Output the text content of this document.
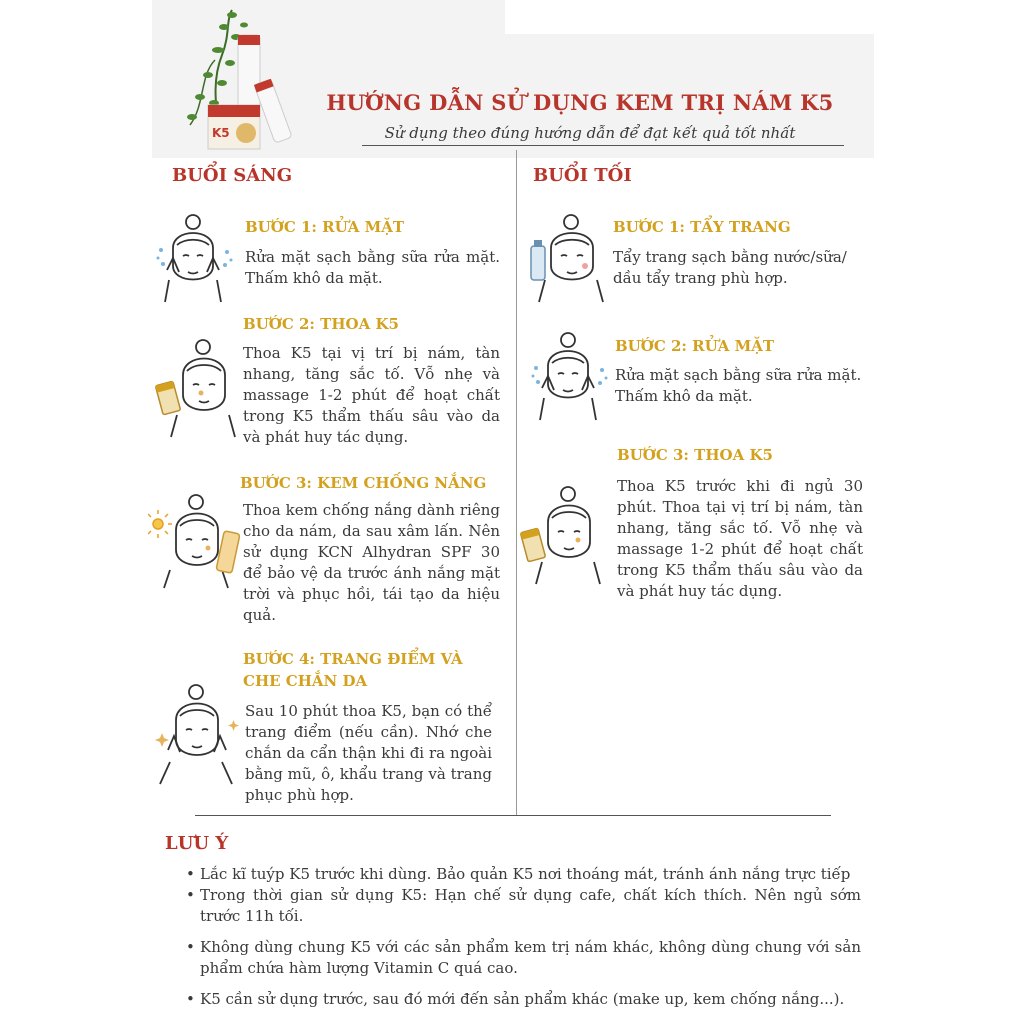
K5
HƯỚNG DẪN SỬ DỤNG KEM TRỊ NÁM K5
Sử dụng theo đúng hướng dẫn để đạt kết quả tốt nhất
BUỔI SÁNG
BƯỚC 1: RỬA MẶT
Rửa mặt sạch bằng sữa rửa mặt. Thấm khô da mặt.
BƯỚC 2: THOA K5
Thoa K5 tại vị trí bị nám, tàn nhang, tăng sắc tố. Vỗ nhẹ và massage 1-2 phút để hoạt chất trong K5 thẩm thấu sâu vào da và phát huy tác dụng.
BƯỚC 3: KEM CHỐNG NẮNG
Thoa kem chống nắng dành riêng cho da nám, da sau xâm lấn. Nên sử dụng KCN Alhydran SPF 30 để bảo vệ da trước ánh nắng mặt trời và phục hồi, tái tạo da hiệu quả.
BƯỚC 4: TRANG ĐIỂM VÀ
CHE CHẮN DA
Sau 10 phút thoa K5, bạn có thể trang điểm (nếu cần). Nhớ che chắn da cẩn thận khi đi ra ngoài bằng mũ, ô, khẩu trang và trang phục phù hợp.
BUỔI TỐI
BƯỚC 1: TẨY TRANG
Tẩy trang sạch bằng nước/sữa/ dầu tẩy trang phù hợp.
BƯỚC 2: RỬA MẶT
Rửa mặt sạch bằng sữa rửa mặt. Thấm khô da mặt.
BƯỚC 3: THOA K5
Thoa K5 trước khi đi ngủ 30 phút. Thoa tại vị trí bị nám, tàn nhang, tăng sắc tố. Vỗ nhẹ và massage 1-2 phút để hoạt chất trong K5 thẩm thấu sâu vào da và phát huy tác dụng.
LƯU Ý
• Lắc kĩ tuýp K5 trước khi dùng. Bảo quản K5 nơi thoáng mát, tránh ánh nắng trực tiếp
• Trong thời gian sử dụng K5: Hạn chế sử dụng cafe, chất kích thích. Nên ngủ sớm trước 11h tối.
• Không dùng chung K5 với các sản phẩm kem trị nám khác, không dùng chung với sản phẩm chứa hàm lượng Vitamin C quá cao.
• K5 cần sử dụng trước, sau đó mới đến sản phẩm khác (make up, kem chống nắng...).
